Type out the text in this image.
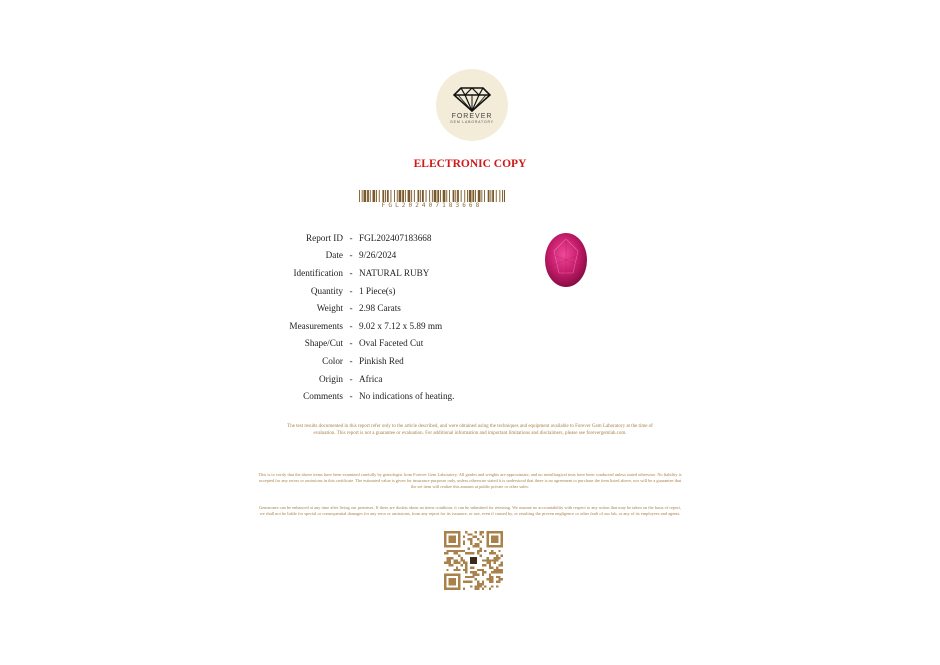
FOREVER
GEM LABORATORY
ELECTRONIC COPY
FGL202407183668
Report ID - FGL202407183668
Date - 9/26/2024
Identification - NATURAL RUBY
Quantity - 1 Piece(s)
Weight - 2.98 Carats
Measurements - 9.02 x 7.12 x 5.89 mm
Shape/Cut - Oval Faceted Cut
Color - Pinkish Red
Origin - Africa
Comments - No indications of heating.
The test results documented in this report refer only to the article described, and were obtained using the techniques and equipment available to Forever Gem Laboratory at the time of evaluation. This report is not a guarantee or evaluation. For additional information and important limitations and disclaimers, please see forevergemlab.com.
This is to verify that the above items have been examined carefully by gemologist from Forever Gem Laboratory. All grades and weights are approximate, and no metallurgical tests have been conducted unless stated otherwise. No liability is accepted for any errors or omissions in this certificate. The estimated value is given for insurance purposes only, unless otherwise stated it is understood that there is no agreement to purchase the item listed above, nor will be a guarantee that the set item will realize this amount at public private or other sales.
Gemstones can be enhanced at any time after living our premises. If there are doubts about an items condition, it can be submitted for retesting. We assume no accountability with respect to any action that may be taken on the basis of report, we shall not be liable for special or consequential damages for any error or omissions, from any report for its issuance, or use, even if caused by, or resulting the proven negligence or other fault of our lab, or any of its employees and agents.
